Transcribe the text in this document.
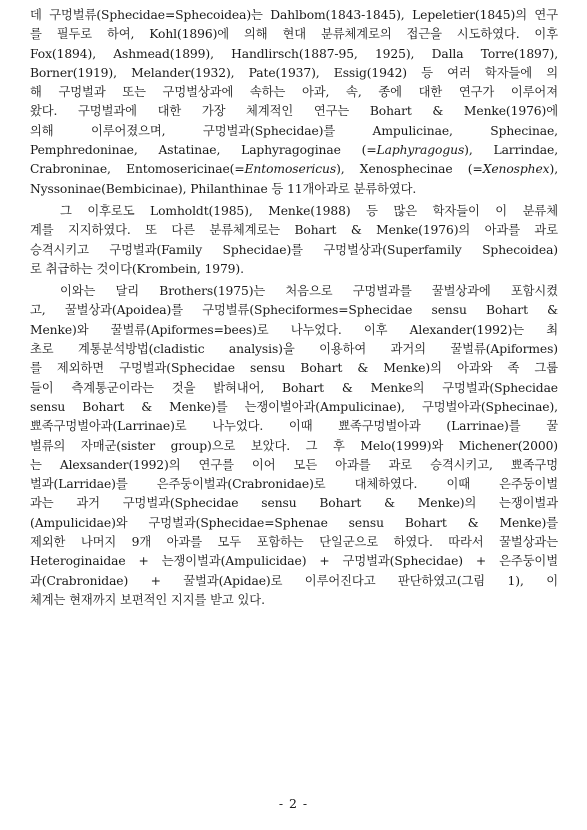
데 구멍벌류(Sphecidae=Sphecoidea)는 Dahlbom(1843-1845), Lepeletier(1845)의 연구
를 필두로 하여, Kohl(1896)에 의해 현대 분류체계로의 접근을 시도하였다. 이후
Fox(1894), Ashmead(1899), Handlirsch(1887-95, 1925), Dalla Torre(1897),
Borner(1919), Melander(1932), Pate(1937), Essig(1942) 등 여러 학자들에 의
해 구멍벌과 또는 구멍벌상과에 속하는 아과, 속, 종에 대한 연구가 이루어져
왔다. 구멍벌과에 대한 가장 체계적인 연구는 Bohart & Menke(1976)에
의해 이루어졌으며, 구멍벌과(Sphecidae)를 Ampulicinae, Sphecinae,
Pemphredoninae, Astatinae, Laphyragoginae (=Laphyragogus), Larrindae,
Crabroninae, Entomosericinae(=Entomosericus), Xenosphecinae (=Xenosphex),
Nyssoninae(Bembicinae), Philanthinae 등 11개아과로 분류하였다.
그 이후로도 Lomholdt(1985), Menke(1988) 등 많은 학자들이 이 분류체
계를 지지하였다. 또 다른 분류체계로는 Bohart & Menke(1976)의 아과를 과로
승격시키고 구멍벌과(Family Sphecidae)를 구멍벌상과(Superfamily Sphecoidea)
로 취급하는 것이다(Krombein, 1979).
이와는 달리 Brothers(1975)는 처음으로 구멍벌과를 꿀벌상과에 포함시켰
고, 꿀벌상과(Apoidea)를 구멍벌류(Spheciformes=Sphecidae sensu Bohart &
Menke)와 꿀벌류(Apiformes=bees)로 나누었다. 이후 Alexander(1992)는 최
초로 계통분석방법(cladistic analysis)을 이용하여 과거의 꿀벌류(Apiformes)
를 제외하면 구멍벌과(Sphecidae sensu Bohart & Menke)의 아과와 족 그룹
들이 측계통군이라는 것을 밝혀내어, Bohart & Menke의 구멍벌과(Sphecidae
sensu Bohart & Menke)를 는쟁이벌아과(Ampulicinae), 구멍벌아과(Sphecinae),
뾰족구멍벌아과(Larrinae)로 나누었다. 이때 뾰족구멍벌아과 (Larrinae)를 꿀
벌류의 자매군(sister group)으로 보았다. 그 후 Melo(1999)와 Michener(2000)
는 Alexsander(1992)의 연구를 이어 모든 아과를 과로 승격시키고, 뾰족구멍
벌과(Larridae)를 은주둥이벌과(Crabronidae)로 대체하였다. 이때 은주둥이벌
과는 과거 구멍벌과(Sphecidae sensu Bohart & Menke)의 는쟁이벌과
(Ampulicidae)와 구멍벌과(Sphecidae=Sphenae sensu Bohart & Menke)를
제외한 나머지 9개 아과를 모두 포함하는 단일군으로 하였다. 따라서 꿀벌상과는
Heteroginaidae + 는쟁이벌과(Ampulicidae) + 구멍벌과(Sphecidae) + 은주둥이벌
과(Crabronidae) + 꿀벌과(Apidae)로 이루어진다고 판단하였고(그림 1), 이
체계는 현재까지 보편적인 지지를 받고 있다.
- 2 -
